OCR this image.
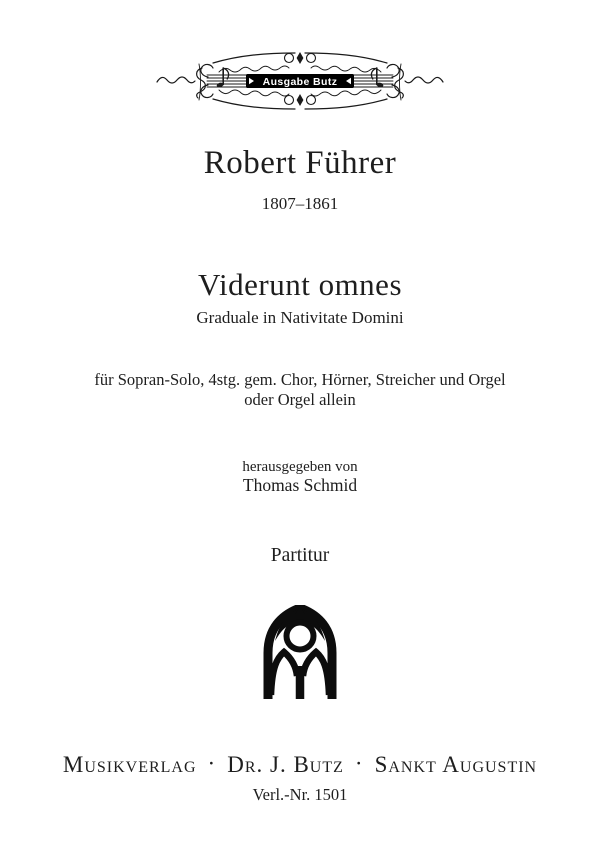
Ausgabe Butz
Robert Führer
1807–1861
Viderunt omnes
Graduale in Nativitate Domini
für Sopran-Solo, 4stg. gem. Chor, Hörner, Streicher und Orgel
oder Orgel allein
herausgegeben von
Thomas Schmid
Partitur
Musikverlag · Dr. J. Butz · Sankt Augustin
Verl.-Nr. 1501
